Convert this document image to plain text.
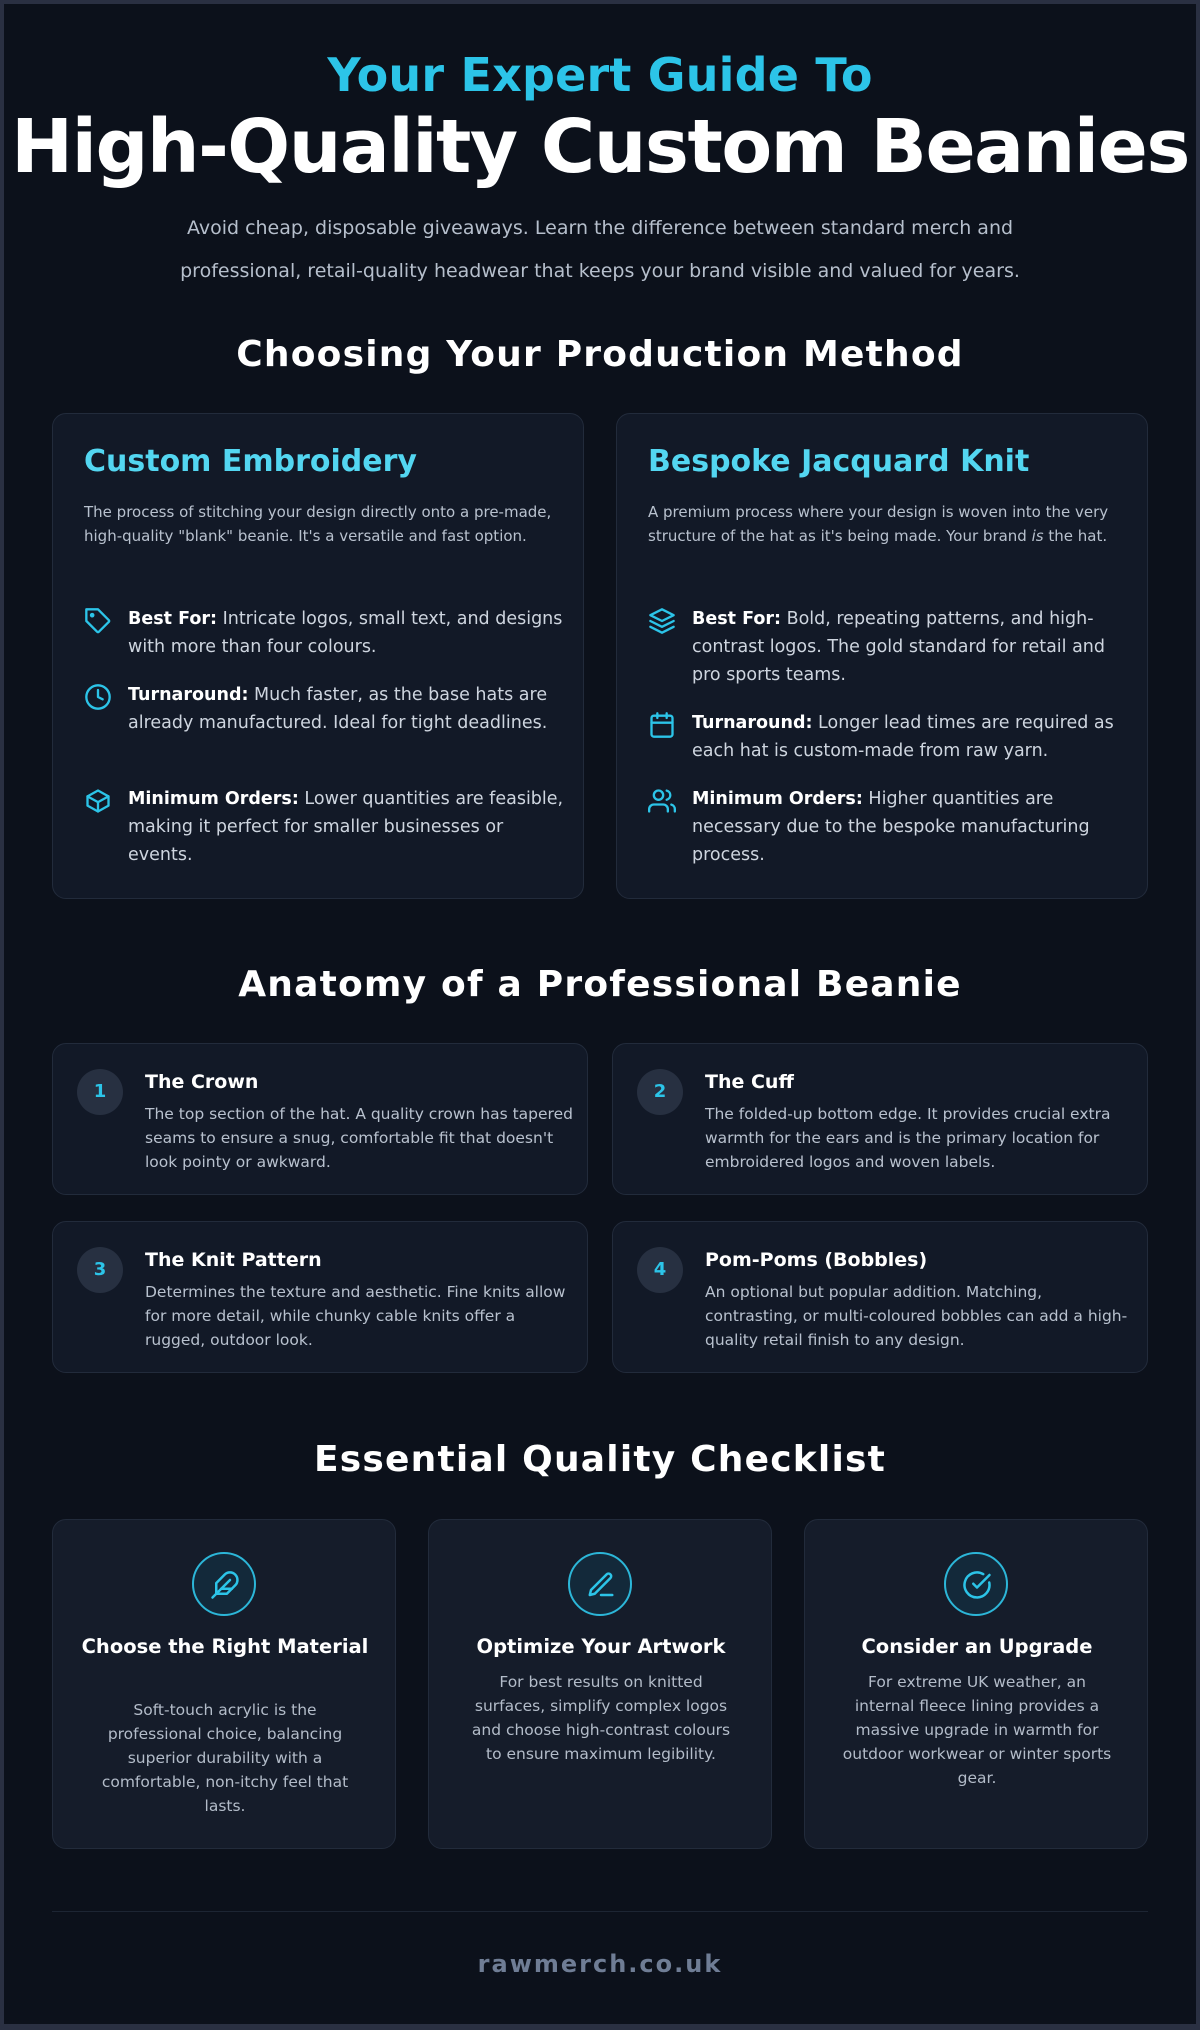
Your Expert Guide To
High-Quality Custom Beanies
Avoid cheap, disposable giveaways. Learn the difference between standard merch and professional, retail-quality headwear that keeps your brand visible and valued for years.
Choosing Your Production Method
Custom Embroidery
The process of stitching your design directly onto a pre-made, high-quality "blank" beanie. It's a versatile and fast option.
Best For: Intricate logos, small text, and designs with more than four colours.
Turnaround: Much faster, as the base hats are already manufactured. Ideal for tight deadlines.
Minimum Orders: Lower quantities are feasible, making it perfect for smaller businesses or events.
Bespoke Jacquard Knit
A premium process where your design is woven into the very structure of the hat as it's being made. Your brand is the hat.
Best For: Bold, repeating patterns, and high-contrast logos. The gold standard for retail and pro sports teams.
Turnaround: Longer lead times are required as each hat is custom-made from raw yarn.
Minimum Orders: Higher quantities are necessary due to the bespoke manufacturing process.
Anatomy of a Professional Beanie
1	The Crown
The top section of the hat. A quality crown has tapered seams to ensure a snug, comfortable fit that doesn't look pointy or awkward.
2	The Cuff
The folded-up bottom edge. It provides crucial extra warmth for the ears and is the primary location for embroidered logos and woven labels.
3	The Knit Pattern
Determines the texture and aesthetic. Fine knits allow for more detail, while chunky cable knits offer a rugged, outdoor look.
4	Pom-Poms (Bobbles)
An optional but popular addition. Matching, contrasting, or multi-coloured bobbles can add a high-quality retail finish to any design.
Essential Quality Checklist
Choose the Right Material
Soft-touch acrylic is the professional choice, balancing superior durability with a comfortable, non-itchy feel that lasts.
Optimize Your Artwork
For best results on knitted surfaces, simplify complex logos and choose high-contrast colours to ensure maximum legibility.
Consider an Upgrade
For extreme UK weather, an internal fleece lining provides a massive upgrade in warmth for outdoor workwear or winter sports gear.
rawmerch.co.uk
